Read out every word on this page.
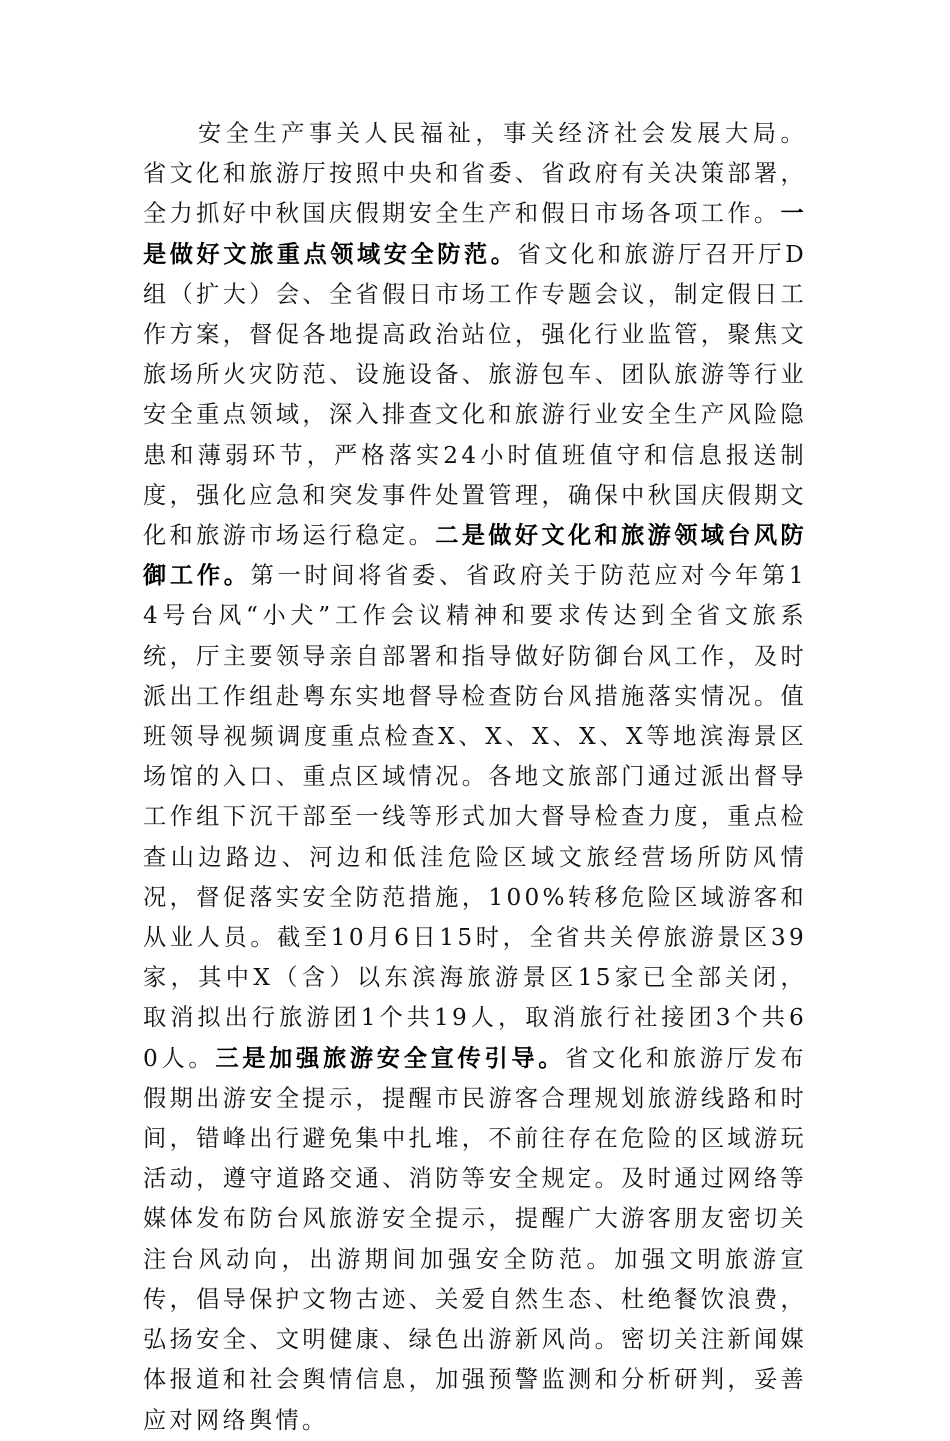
安全生产事关人民福祉，事关经济社会发展大局。省文化和旅游厅按照中央和省委、省政府有关决策部署，全力抓好中秋国庆假期安全生产和假日市场各项工作。一是做好文旅重点领域安全防范。省文化和旅游厅召开厅D组（扩大）会、全省假日市场工作专题会议，制定假日工作方案，督促各地提高政治站位，强化行业监管，聚焦文旅场所火灾防范、设施设备、旅游包车、团队旅游等行业安全重点领域，深入排查文化和旅游行业安全生产风险隐患和薄弱环节，严格落实24小时值班值守和信息报送制度，强化应急和突发事件处置管理，确保中秋国庆假期文化和旅游市场运行稳定。二是做好文化和旅游领域台风防御工作。第一时间将省委、省政府关于防范应对今年第14号台风“小犬”工作会议精神和要求传达到全省文旅系统，厅主要领导亲自部署和指导做好防御台风工作，及时派出工作组赴粤东实地督导检查防台风措施落实情况。值班领导视频调度重点检查X、X、X、X、X等地滨海景区场馆的入口、重点区域情况。各地文旅部门通过派出督导工作组下沉干部至一线等形式加大督导检查力度，重点检查山边路边、河边和低洼危险区域文旅经营场所防风情况，督促落实安全防范措施，100%转移危险区域游客和从业人员。截至10月6日15时，全省共关停旅游景区39家，其中X（含）以东滨海旅游景区15家已全部关闭，取消拟出行旅游团1个共19人，取消旅行社接团3个共60人。三是加强旅游安全宣传引导。省文化和旅游厅发布假期出游安全提示，提醒市民游客合理规划旅游线路和时间，错峰出行避免集中扎堆，不前往存在危险的区域游玩活动，遵守道路交通、消防等安全规定。及时通过网络等媒体发布防台风旅游安全提示，提醒广大游客朋友密切关注台风动向，出游期间加强安全防范。加强文明旅游宣传，倡导保护文物古迹、关爱自然生态、杜绝餐饮浪费，弘扬安全、文明健康、绿色出游新风尚。密切关注新闻媒体报道和社会舆情信息，加强预警监测和分析研判，妥善应对网络舆情。
